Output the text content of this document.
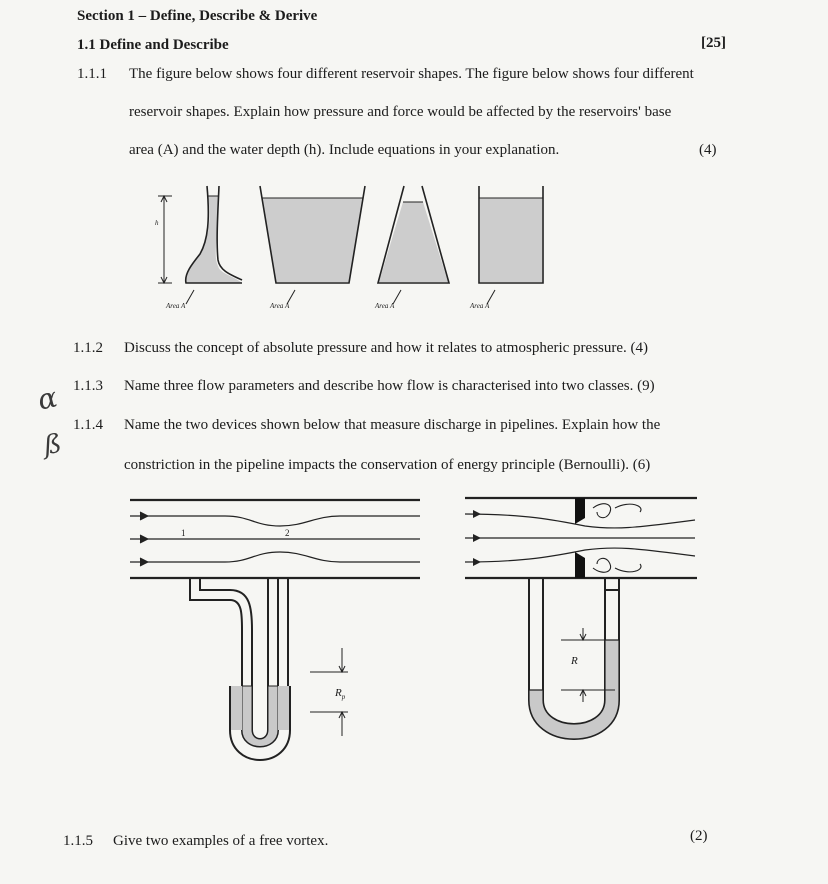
Section 1 – Define, Describe & Derive
1.1 Define and Describe	[25]
1.1.1 The figure below shows four different reservoir shapes. The figure below shows four different
reservoir shapes. Explain how pressure and force would be affected by the reservoirs' base
area (A) and the water depth (h). Include equations in your explanation.	(4)
h
Area A	Area A	Area A	Area A
1.1.2 Discuss the concept of absolute pressure and how it relates to atmospheric pressure. (4)
1.1.3 Name three flow parameters and describe how flow is characterised into two classes. (9)
1.1.4 Name the two devices shown below that measure discharge in pipelines. Explain how the
constriction in the pipeline impacts the conservation of energy principle (Bernoulli). (6)
α
ß
1	2
$R_p$
R
1.1.5 Give two examples of a free vortex.	(2)
